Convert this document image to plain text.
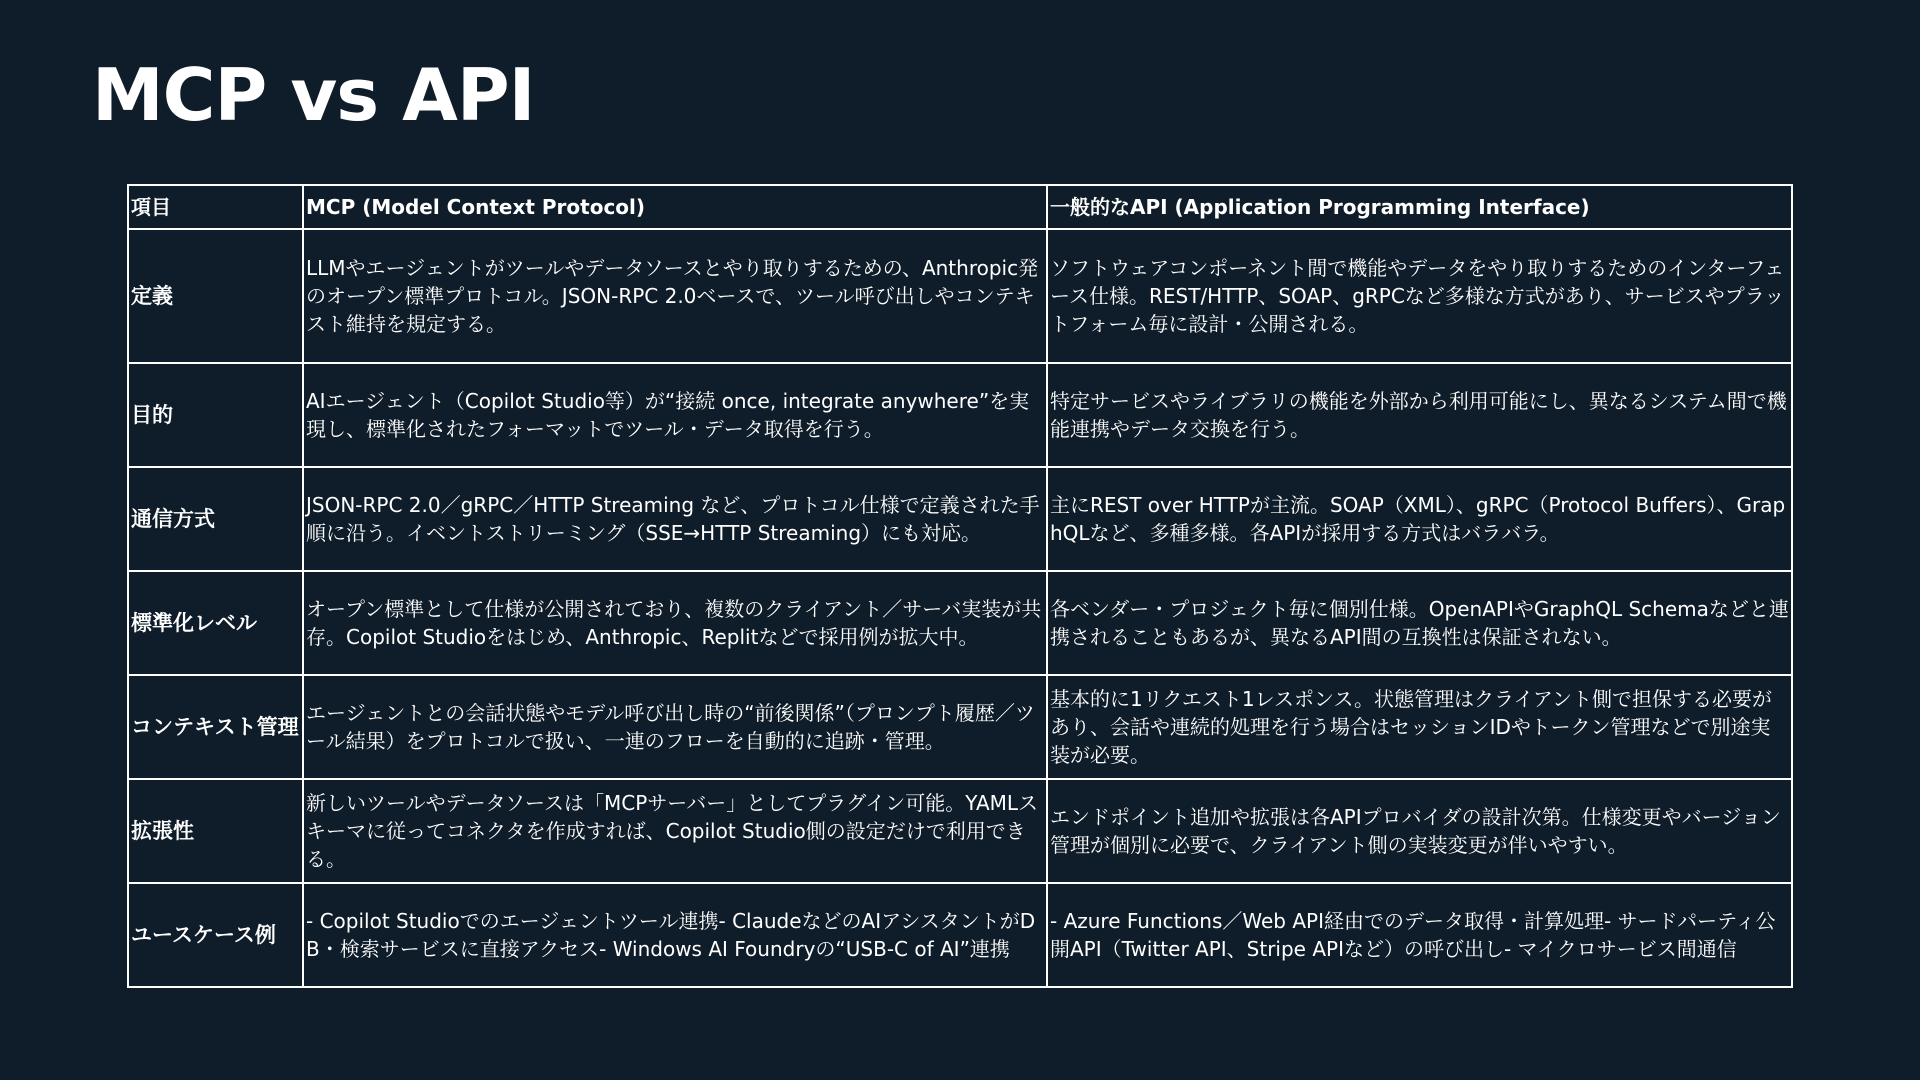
MCP vs API
項目	MCP (Model Context Protocol)	一般的なAPI (Application Programming Interface)
定義	LLMやエージェントがツールやデータソースとやり取りするための、Anthropic発のオープン標準プロトコル。JSON-RPC 2.0ベースで、ツール呼び出しやコンテキスト維持を規定する。	ソフトウェアコンポーネント間で機能やデータをやり取りするためのインターフェース仕様。REST/HTTP、SOAP、gRPCなど多様な方式があり、サービスやプラットフォーム毎に設計・公開される。
目的	AIエージェント（Copilot Studio等）が“接続 once, integrate anywhere”を実現し、標準化されたフォーマットでツール・データ取得を行う。	特定サービスやライブラリの機能を外部から利用可能にし、異なるシステム間で機能連携やデータ交換を行う。
通信方式	JSON-RPC 2.0／gRPC／HTTP Streaming など、プロトコル仕様で定義された手順に沿う。イベントストリーミング（SSE→HTTP Streaming）にも対応。	主にREST over HTTPが主流。SOAP（XML）、gRPC（Protocol Buffers）、GraphQLなど、多種多様。各APIが採用する方式はバラバラ。
標準化レベル	オープン標準として仕様が公開されており、複数のクライアント／サーバ実装が共存。Copilot Studioをはじめ、Anthropic、Replitなどで採用例が拡大中。	各ベンダー・プロジェクト毎に個別仕様。OpenAPIやGraphQL Schemaなどと連携されることもあるが、異なるAPI間の互換性は保証されない。
コンテキスト管理	エージェントとの会話状態やモデル呼び出し時の“前後関係”（プロンプト履歴／ツール結果）をプロトコルで扱い、一連のフローを自動的に追跡・管理。	基本的に1リクエスト1レスポンス。状態管理はクライアント側で担保する必要があり、会話や連続的処理を行う場合はセッションIDやトークン管理などで別途実装が必要。
拡張性	新しいツールやデータソースは「MCPサーバー」としてプラグイン可能。YAMLスキーマに従ってコネクタを作成すれば、Copilot Studio側の設定だけで利用できる。	エンドポイント追加や拡張は各APIプロバイダの設計次第。仕様変更やバージョン管理が個別に必要で、クライアント側の実装変更が伴いやすい。
ユースケース例	- Copilot Studioでのエージェントツール連携- ClaudeなどのAIアシスタントがDB・検索サービスに直接アクセス- Windows AI Foundryの“USB-C of AI”連携	- Azure Functions／Web API経由でのデータ取得・計算処理- サードパーティ公開API（Twitter API、Stripe APIなど）の呼び出し- マイクロサービス間通信
